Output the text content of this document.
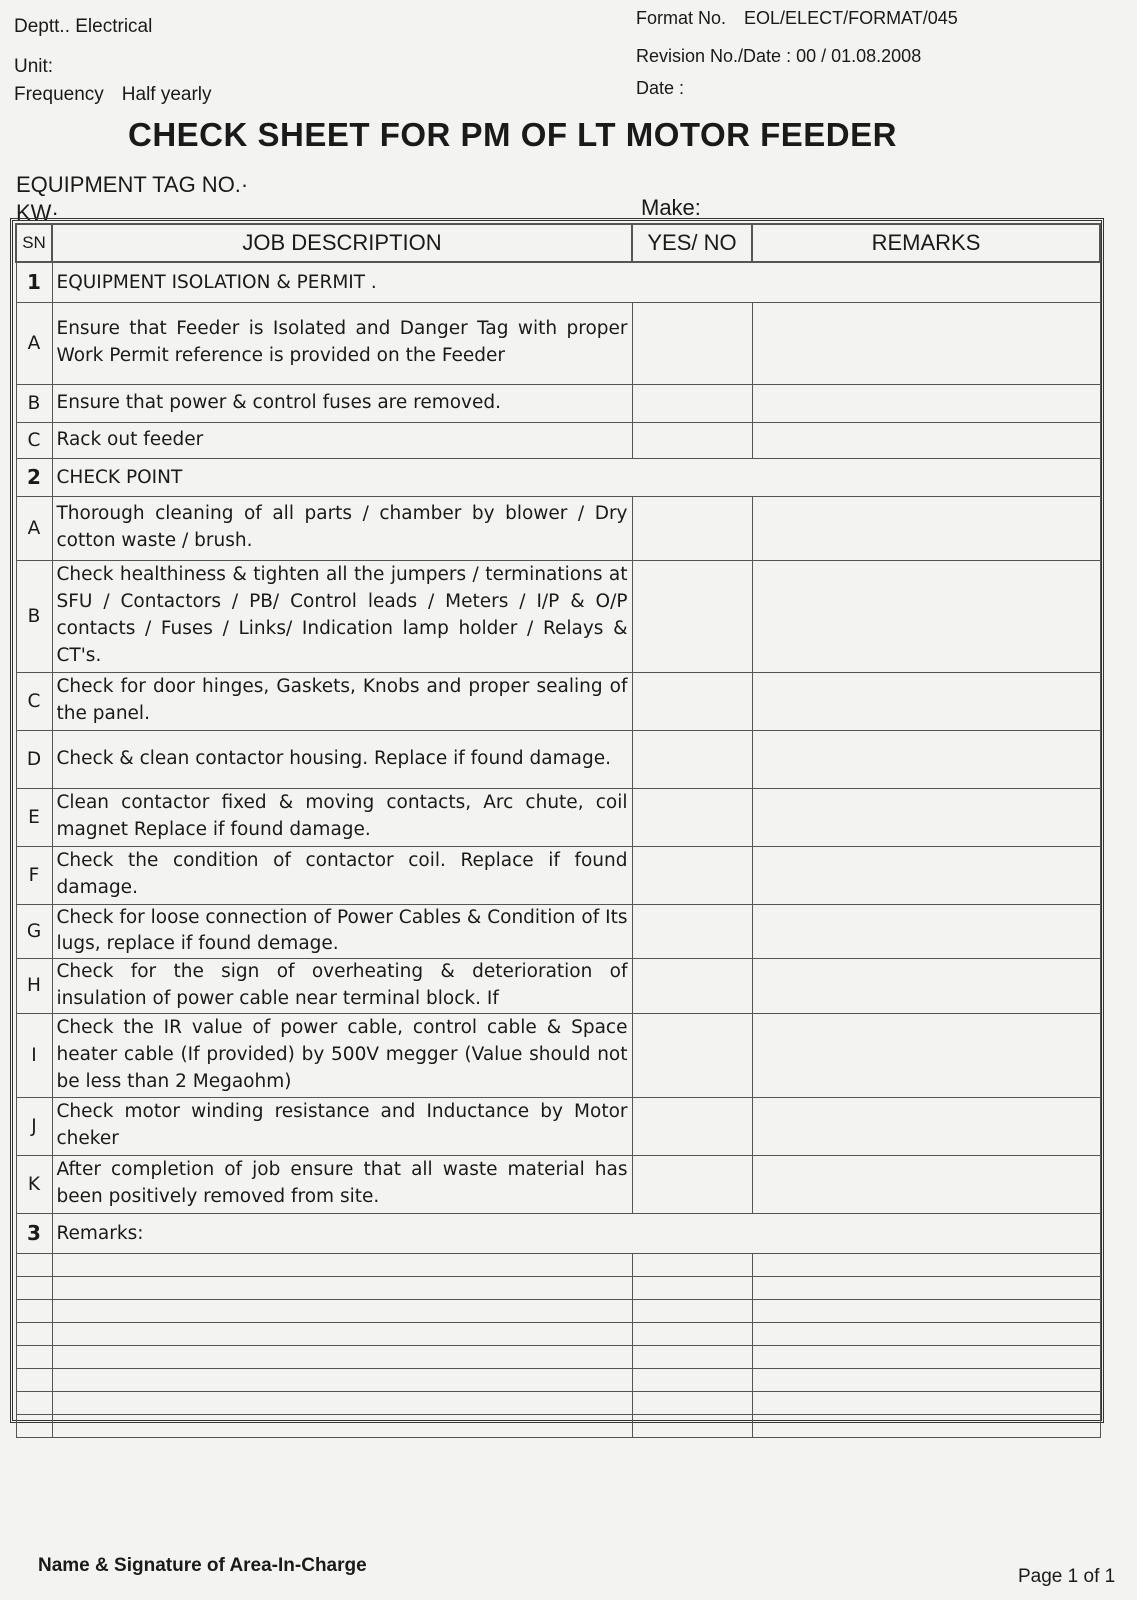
Deptt.. Electrical
Unit:
Frequency Half yearly
Format No. EOL/ELECT/FORMAT/045
Revision No./Date : 00 / 01.08.2008
Date :
CHECK SHEET FOR PM OF LT MOTOR FEEDER
EQUIPMENT TAG NO.·
KW·	Make:
SN	JOB DESCRIPTION	YES/ NO	REMARKS
1	EQUIPMENT ISOLATION & PERMIT .		
A	Ensure that Feeder is Isolated and Danger Tag with proper Work Permit reference is provided on the Feeder		
B	Ensure that power & control fuses are removed.		
C	Rack out feeder		
2	CHECK POINT		
A	Thorough cleaning of all parts / chamber by blower / Dry cotton waste / brush.		
B	Check healthiness & tighten all the jumpers / terminations at SFU / Contactors / PB/ Control leads / Meters / I/P & O/P contacts / Fuses / Links/ Indication lamp holder / Relays & CT's.		
C	Check for door hinges, Gaskets, Knobs and proper sealing of the panel.		
D	Check & clean contactor housing. Replace if found damage.		
E	Clean contactor fixed & moving contacts, Arc chute, coil magnet Replace if found damage.		
F	Check the condition of contactor coil. Replace if found damage.		
G	Check for loose connection of Power Cables & Condition of Its lugs, replace if found demage.		
H	Check for the sign of overheating & deterioration of insulation of power cable near terminal block. If		
I	Check the IR value of power cable, control cable & Space heater cable (If provided) by 500V megger (Value should not be less than 2 Megaohm)		
J	Check motor winding resistance and Inductance by Motor cheker		
K	After completion of job ensure that all waste material has been positively removed from site.		
3	Remarks:		

Name & Signature of Area-In-Charge
Page 1 of 1
